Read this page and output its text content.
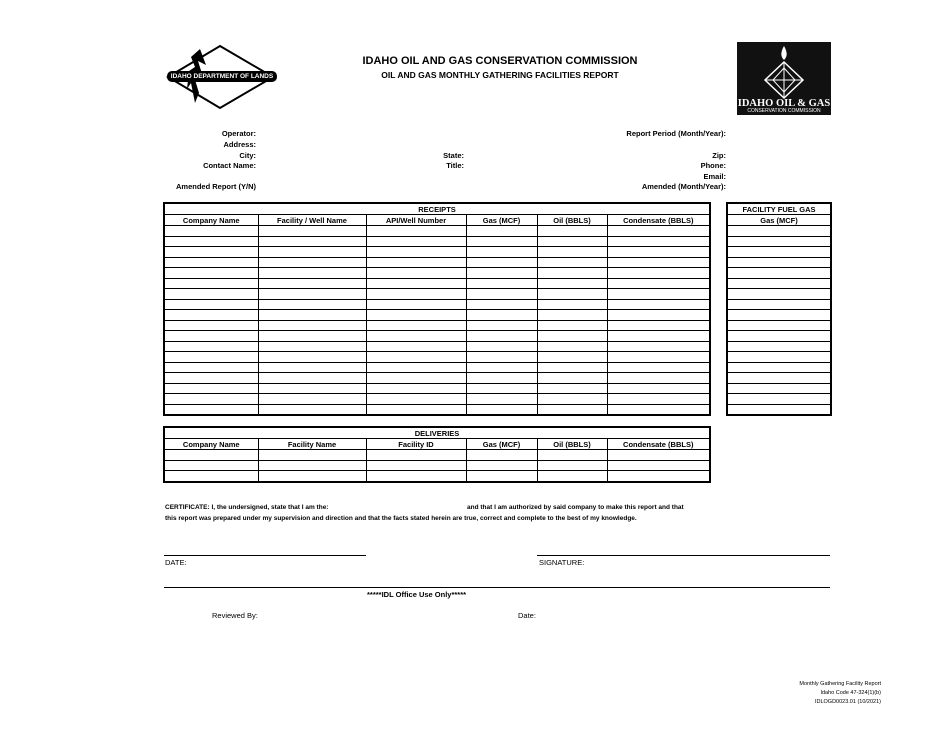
IDAHO DEPARTMENT OF LANDS
IDAHO OIL AND GAS CONSERVATION COMMISSION
OIL AND GAS MONTHLY GATHERING FACILITIES REPORT
IDAHO OIL & GAS
CONSERVATION COMMISSION
Operator:
Address:
City:
Contact Name:
Amended Report (Y/N)
State:
Title:
Report Period (Month/Year):
Zip:
Phone:
Email:
Amended (Month/Year):
RECEIPTS					
Company Name	Facility / Well Name	API/Well Number	Gas (MCF)	Oil (BBLS)	Condensate (BBLS)

FACILITY FUEL GAS
Gas (MCF)

DELIVERIES					
Company Name	Facility Name	Facility ID	Gas (MCF)	Oil (BBLS)	Condensate (BBLS)

CERTIFICATE: I, the undersigned, state that I am the:	and that I am authorized by said company to make this report and that
this report was prepared under my supervision and direction and that the facts stated herein are true, correct and complete to the best of my knowledge.
DATE:	SIGNATURE:
*****IDL Office Use Only*****
Reviewed By:	Date:
Monthly Gathering Facility Report
Idaho Code 47-324(1)(b)
IDLOGD0023.01 (10/2021)
